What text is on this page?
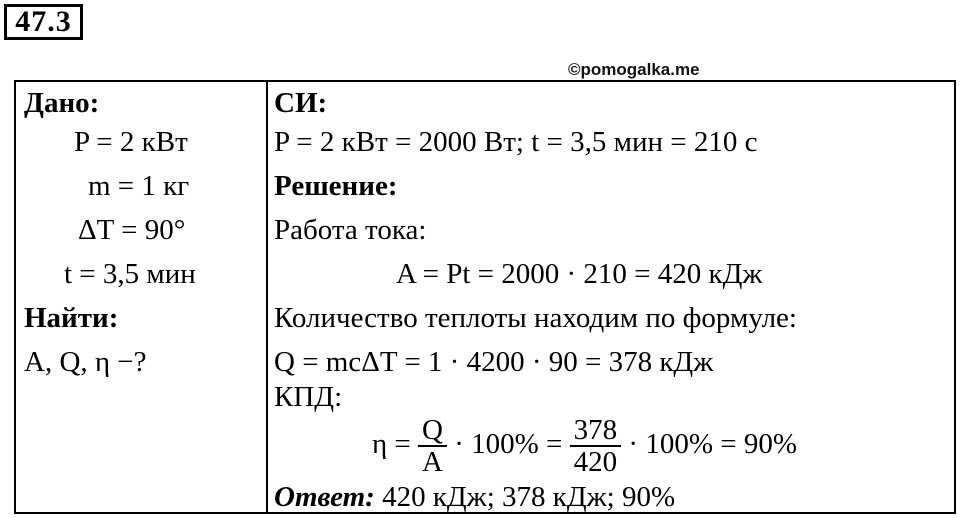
47.3
©pomogalka.me
Дано:
P = 2 кВт
m = 1 кг
ΔT = 90°
t = 3,5 мин
Найти:
A, Q, η −?
СИ:
P = 2 кВт = 2000 Вт; t = 3,5 мин = 210 с
Решение:
Работа тока:
A = Pt = 2000 · 210 = 420 кДж
Количество теплоты находим по формуле:
Q = mcΔT = 1 · 4200 · 90 = 378 кДж
КПД:
$\eta = \frac{Q}{A} \cdot 100\% = \frac{378}{420} \cdot 100\% = 90\%$
Ответ: 420 кДж; 378 кДж; 90%
